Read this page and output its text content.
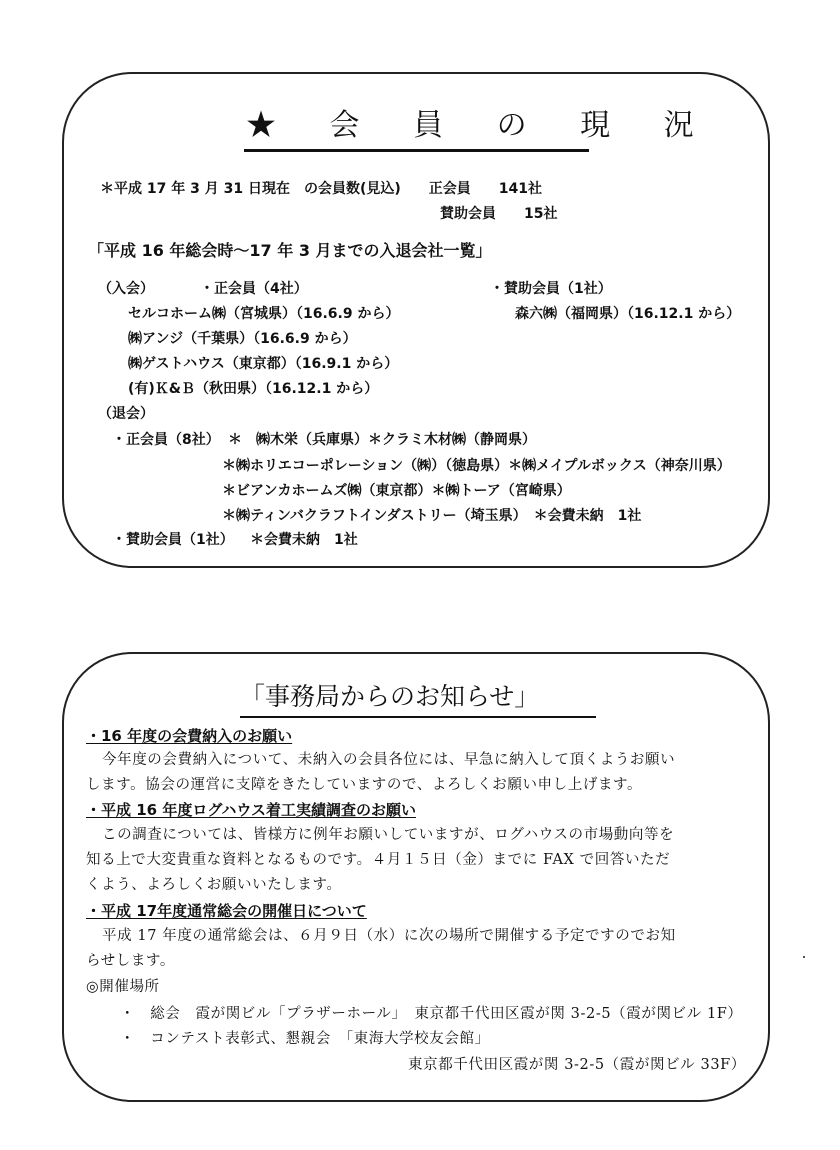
★ 会 員 の 現 況
＊平成 17 年 3 月 31 日現在　の会員数(見込)　　正会員　　141社
賛助会員　　15社
「平成 16 年総会時〜17 年 3 月までの入退会社一覧」
（入会）	・正会員（4社）	・賛助会員（1社）
セルコホーム㈱（宮城県）（16.6.9 から）	森六㈱（福岡県）（16.12.1 から）
㈱アンジ（千葉県）（16.6.9 から）
㈱ゲストハウス（東京都）（16.9.1 から）
(有)Ｋ&Ｂ（秋田県）（16.12.1 から）
（退会）
・正会員（8社） ＊　㈱木栄（兵庫県）＊クラミ木材㈱（静岡県）
＊㈱ホリエコーポレーション（㈱）（徳島県）＊㈱メイプルボックス（神奈川県）
＊ビアンカホームズ㈱（東京都）＊㈱トーア（宮崎県）
＊㈱ティンバクラフトインダストリー（埼玉県）　＊会費未納　1社
・賛助会員（1社） ＊会費未納　1社
「事務局からのお知らせ」
・16 年度の会費納入のお願い
今年度の会費納入について、未納入の会員各位には、早急に納入して頂くようお願い
します。協会の運営に支障をきたしていますので、よろしくお願い申し上げます。
・平成 16 年度ログハウス着工実績調査のお願い
この調査については、皆様方に例年お願いしていますが、ログハウスの市場動向等を
知る上で大変貴重な資料となるものです。４月１５日（金）までに FAX で回答いただ
くよう、よろしくお願いいたします。
・平成 17年度通常総会の開催日について
平成 17 年度の通常総会は、６月９日（水）に次の場所で開催する予定ですのでお知
らせします。
◎開催場所
・　総会　霞が関ビル「プラザーホール」　東京都千代田区霞が関 3-2-5（霞が関ビル 1F）
・　コンテスト表彰式、懇親会　「東海大学校友会館」
東京都千代田区霞が関 3-2-5（霞が関ビル 33F）
